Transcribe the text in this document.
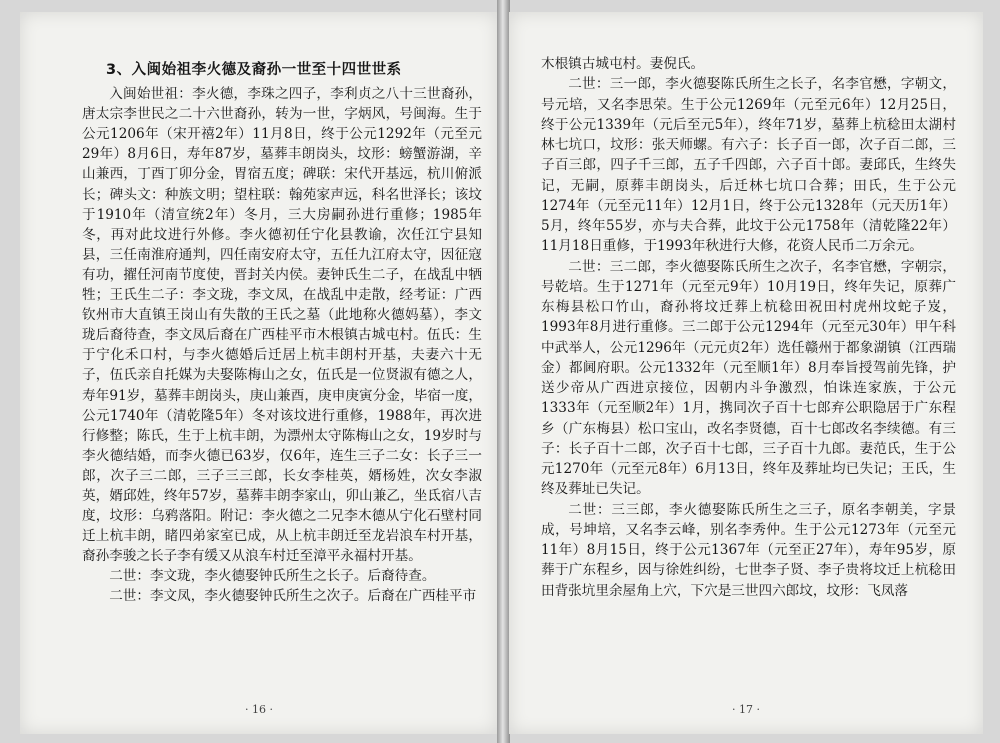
3、入闽始祖李火德及裔孙一世至十四世世系

入闽始世祖：李火德，李珠之四子，李利贞之八十三世裔孙，唐太宗李世民之二十六世裔孙，转为一世，字炳风，号闽海。生于公元1206年（宋开禧2年）11月8日，终于公元1292年（元至元29年）8月6日，寿年87岁，墓葬丰朗岗头，坟形：螃蟹游湖，辛山兼西，丁酉丁卯分金，胃宿五度；碑联：宋代开基远，杭川俯派长；碑头文：种族文明；望柱联：翰苑家声远，科名世泽长；该坟于1910年（清宣统2年）冬月，三大房嗣孙进行重修；1985年冬，再对此坟进行外修。李火德初任宁化县教谕，次任江宁县知县，三任南淮府通判，四任南安府太守，五任九江府太守，因征寇有功，擢任河南节度使，晋封关内侯。妻钟氏生二子，在战乱中牺牲；王氏生二子：李文珑，李文凤，在战乱中走散，经考证：广西钦州市大直镇王岗山有失散的王氏之墓（此地称火德妈墓），李文珑后裔待查，李文凤后裔在广西桂平市木根镇古城屯村。伍氏：生于宁化禾口村，与李火德婚后迁居上杭丰朗村开基，夫妻六十无子，伍氏亲自托媒为夫娶陈梅山之女，伍氏是一位贤淑有德之人，寿年91岁，墓葬丰朗岗头，庚山兼酉，庚申庚寅分金，毕宿一度，公元1740年（清乾隆5年）冬对该坟进行重修，1988年，再次进行修整；陈氏，生于上杭丰朗，为漂州太守陈梅山之女，19岁时与李火德结婚，而李火德已63岁，仅6年，连生三子二女：长子三一郎，次子三二郎，三子三三郎，长女李桂英，婿杨姓，次女李淑英，婿邱姓，终年57岁，墓葬丰朗李家山，卯山兼乙，坐氐宿八吉度，坟形：乌鸦落阳。附记：李火德之二兄李木德从宁化石壁村同迁上杭丰朗，睹四弟家室已成，从上杭丰朗迁至龙岩浪车村开基，裔孙李骏之长子李有缓又从浪车村迁至漳平永福村开基。

二世：李文珑，李火德娶钟氏所生之长子。后裔待查。

二世：李文凤，李火德娶钟氏所生之次子。后裔在广西桂平市

· 16 ·

木根镇古城屯村。妻倪氏。

二世：三一郎，李火德娶陈氏所生之长子，名李官懋，字朝文，号元培，又名李思荣。生于公元1269年（元至元6年）12月25日，终于公元1339年（元后至元5年），终年71岁，墓葬上杭稔田太湖村林七坑口，坟形：张天师螺。有六子：长子百一郎，次子百二郎，三子百三郎，四子千三郎，五子千四郎，六子百十郎。妻邱氏，生终失记，无嗣，原葬丰朗岗头，后迁林七坑口合葬；田氏，生于公元1274年（元至元11年）12月1日，终于公元1328年（元天历1年）5月，终年55岁，亦与夫合葬，此坟于公元1758年（清乾隆22年）11月18日重修，于1993年秋进行大修，花资人民币二万余元。

二世：三二郎，李火德娶陈氏所生之次子，名李官懋，字朝宗，号乾培。生于1271年（元至元9年）10月19日，终年失记，原葬广东梅县松口竹山，裔孙将坟迁葬上杭稔田祝田村虎州坟蛇子岌，1993年8月进行重修。三二郎于公元1294年（元至元30年）甲午科中武举人，公元1296年（元元贞2年）选任赣州于都象湖镇（江西瑞金）都阃府职。公元1332年（元至顺1年）8月奉旨授驾前先锋，护送少帝从广西进京接位，因朝内斗争激烈，怕诛连家族，于公元1333年（元至顺2年）1月，携同次子百十七郎弃公职隐居于广东程乡（广东梅县）松口宝山，改名李贤德，百十七郎改名李续德。有三子：长子百十二郎，次子百十七郎，三子百十九郎。妻范氏，生于公元1270年（元至元8年）6月13日，终年及葬址均已失记；王氏，生终及葬址已失记。

二世：三三郎，李火德娶陈氏所生之三子，原名李朝美，字景成，号坤培，又名李云峰，别名李秀仲。生于公元1273年（元至元11年）8月15日，终于公元1367年（元至正27年），寿年95岁，原葬于广东程乡，因与徐姓纠纷，七世李子贤、李子贵将坟迁上杭稔田田背张坑里余屋角上穴，下穴是三世四六郎坟，坟形：飞凤落

· 17 ·
